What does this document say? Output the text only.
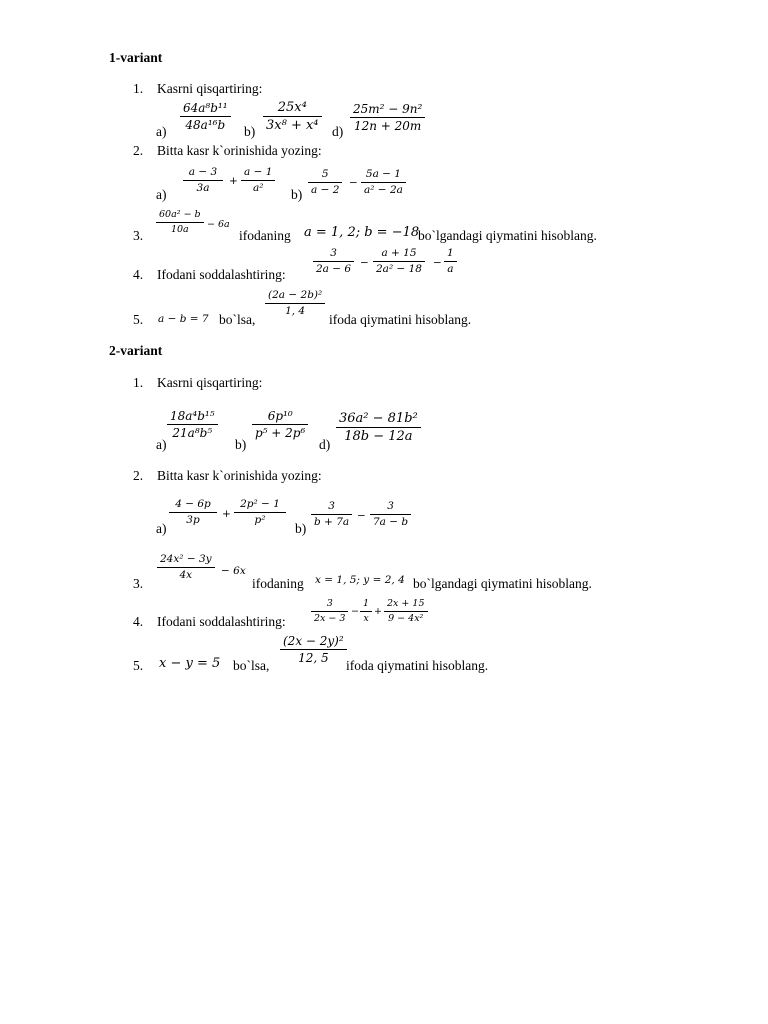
1-variant
1. Kasrni qisqartiring:
a)
64a⁸b¹¹
48a¹⁶b b)
25x⁴
3x⁸ + x⁴ d)
25m² − 9n²
12n + 20m
2. Bitta kasr k`orinishida yozing:
a)
a − 3
3a
+
a − 1
a² b)
5
a − 2
−
5a − 1
a² − 2a
3.
60a² − b
10a	− 6a
ifodaning a = 1, 2; b = −18
bo`lgandagi qiymatini hisoblang.
4. Ifodani soddalashtiring:
3
2a − 6 −
a + 15
2a² − 18 −
1
a
5. a − b = 7 bo`lsa,
(2a − 2b)²
1, 4
ifoda qiymatini hisoblang.
2-variant
1. Kasrni qisqartiring:
a)
18a⁴b¹⁵
21a⁸b⁵
b)
6p¹⁰
p⁵ + 2p⁶
d)
36a² − 81b²
18b − 12a
2. Bitta kasr k`orinishida yozing:
a)
4 − 6p
3p +
2p² − 1
p²
b)
3
b + 7a −
3
7a − b
3.
24x² − 3y
4x	− 6x
ifodaning x = 1, 5; y = 2, 4 bo`lgandagi qiymatini hisoblang.
4. Ifodani soddalashtiring:
3
2x − 3
−
1
x
+
2x + 15
9 − 4x²
5. x − y = 5 bo`lsa,
(2x − 2y)²
12, 5 ifoda qiymatini hisoblang.
